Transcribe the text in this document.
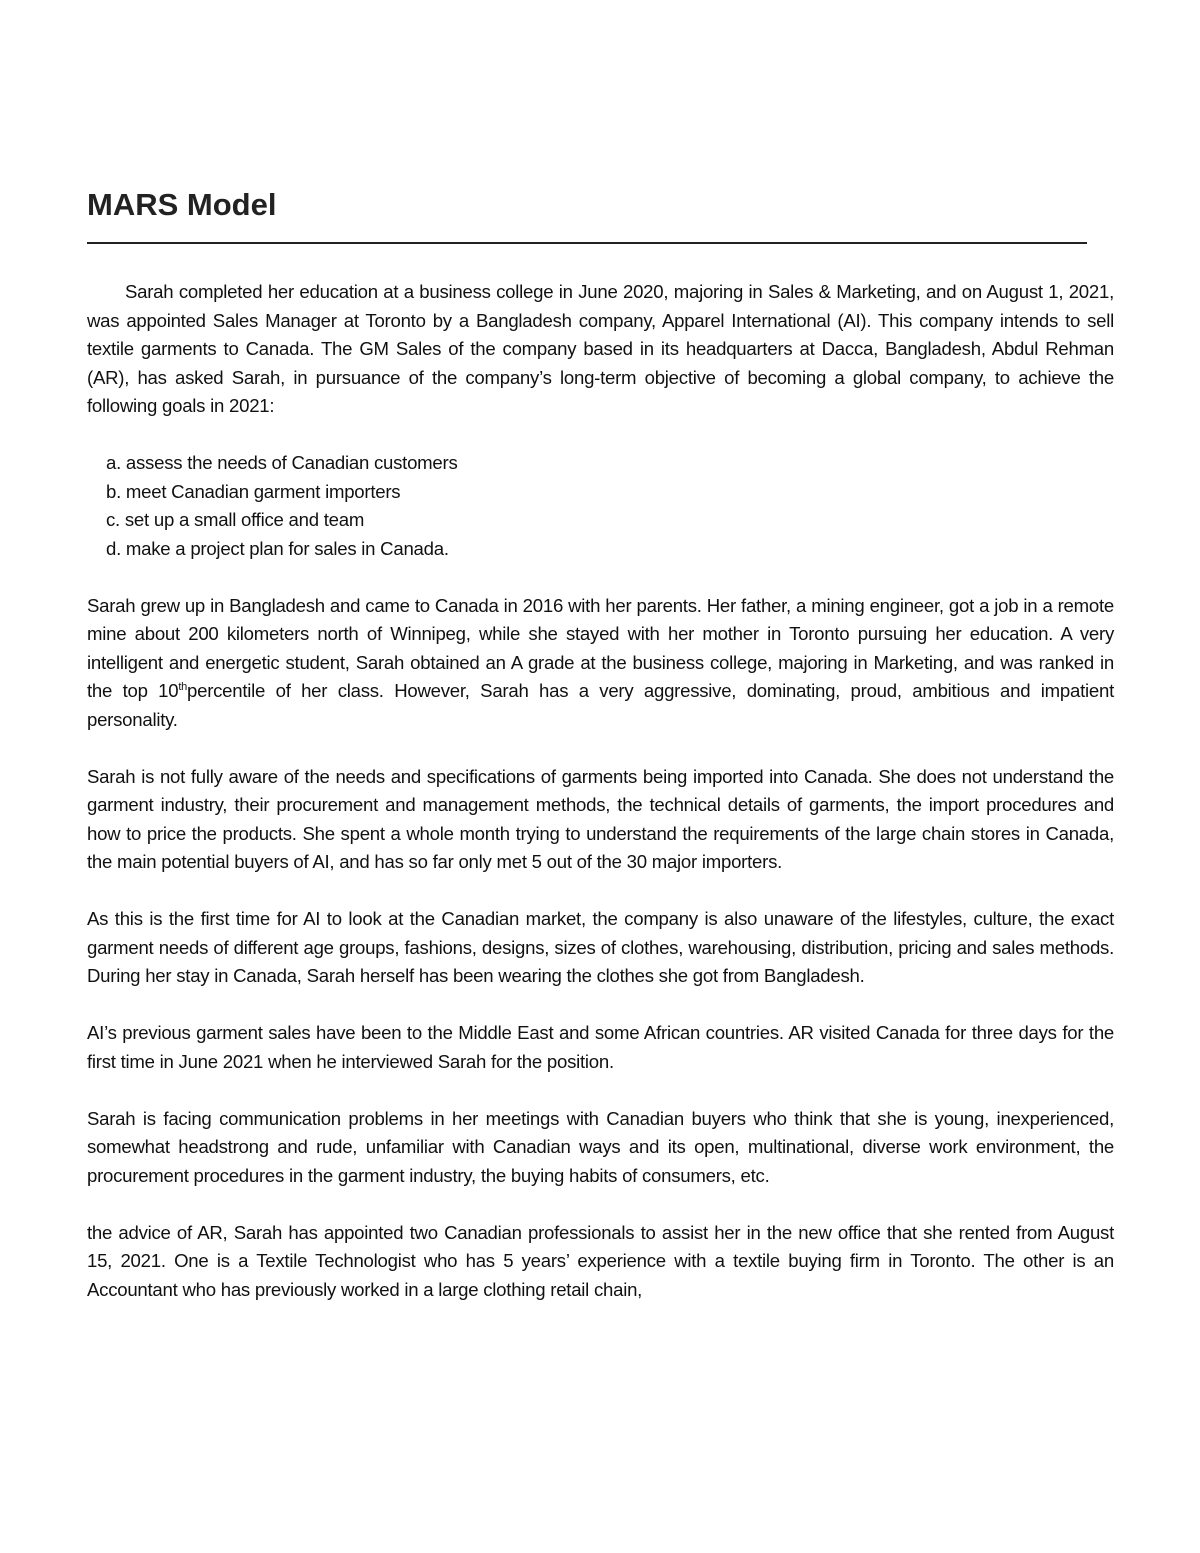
MARS Model

Sarah completed her education at a business college in June 2020, majoring in Sales & Marketing, and on August 1, 2021, was appointed Sales Manager at Toronto by a Bangladesh company, Apparel International (AI). This company intends to sell textile garments to Canada. The GM Sales of the company based in its headquarters at Dacca, Bangladesh, Abdul Rehman (AR), has asked Sarah, in pursuance of the company’s long-term objective of becoming a global company, to achieve the following goals in 2021:

a. assess the needs of Canadian customers
b. meet Canadian garment importers
c. set up a small office and team
d. make a project plan for sales in Canada.

Sarah grew up in Bangladesh and came to Canada in 2016 with her parents. Her father, a mining engineer, got a job in a remote mine about 200 kilometers north of Winnipeg, while she stayed with her mother in Toronto pursuing her education. A very intelligent and energetic student, Sarah obtained an A grade at the business college, majoring in Marketing, and was ranked in the top 10thpercentile of her class. However, Sarah has a very aggressive, dominating, proud, ambitious and impatient personality.

Sarah is not fully aware of the needs and specifications of garments being imported into Canada. She does not understand the garment industry, their procurement and management methods, the technical details of garments, the import procedures and how to price the products. She spent a whole month trying to understand the requirements of the large chain stores in Canada, the main potential buyers of AI, and has so far only met 5 out of the 30 major importers.

As this is the first time for AI to look at the Canadian market, the company is also unaware of the lifestyles, culture, the exact garment needs of different age groups, fashions, designs, sizes of clothes, warehousing, distribution, pricing and sales methods. During her stay in Canada, Sarah herself has been wearing the clothes she got from Bangladesh.

AI’s previous garment sales have been to the Middle East and some African countries. AR visited Canada for three days for the first time in June 2021 when he interviewed Sarah for the position.

Sarah is facing communication problems in her meetings with Canadian buyers who think that she is young, inexperienced, somewhat headstrong and rude, unfamiliar with Canadian ways and its open, multinational, diverse work environment, the procurement procedures in the garment industry, the buying habits of consumers, etc.

the advice of AR, Sarah has appointed two Canadian professionals to assist her in the new office that she rented from August 15, 2021. One is a Textile Technologist who has 5 years’ experience with a textile buying firm in Toronto. The other is an Accountant who has previously worked in a large clothing retail chain,
